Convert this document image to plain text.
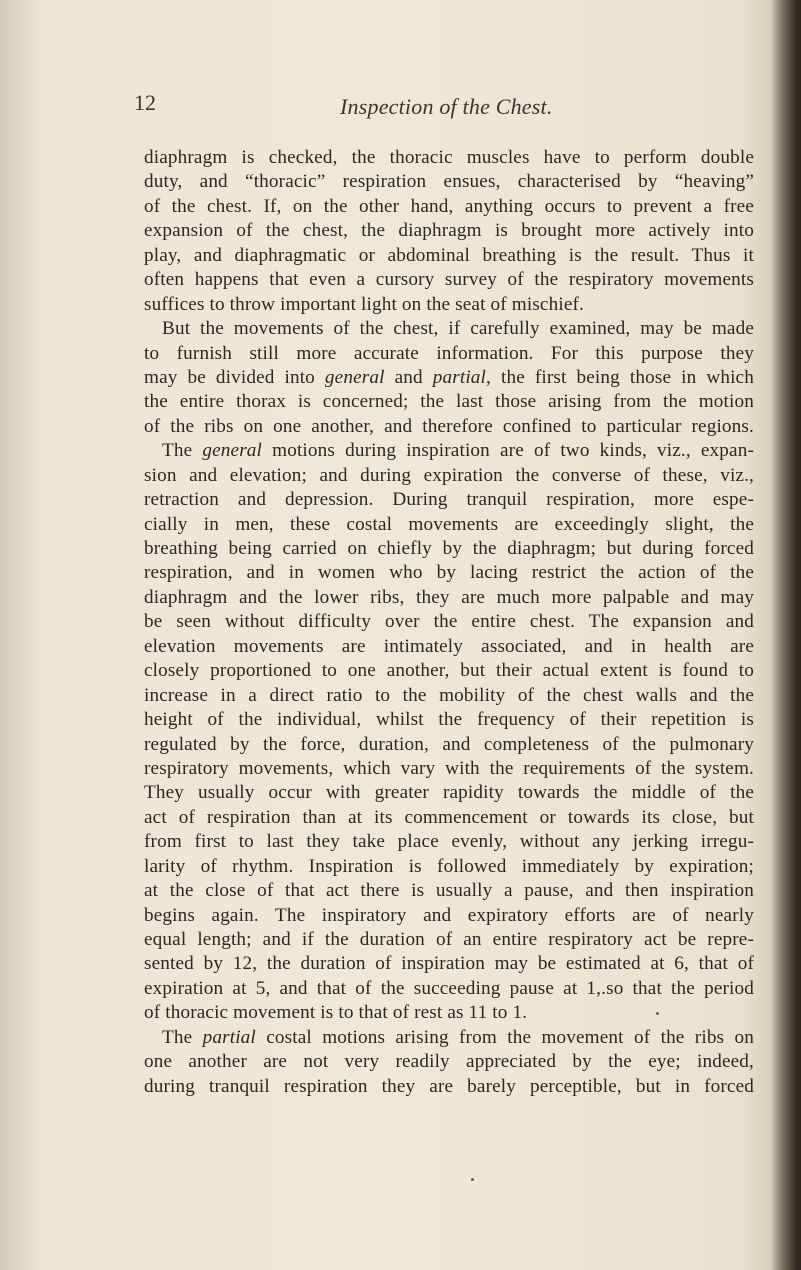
12	Inspection of the Chest.
diaphragm is checked, the thoracic muscles have to perform double
duty, and “thoracic” respiration ensues, characterised by “heaving”
of the chest. If, on the other hand, anything occurs to prevent a free
expansion of the chest, the diaphragm is brought more actively into
play, and diaphragmatic or abdominal breathing is the result. Thus it
often happens that even a cursory survey of the respiratory movements
suffices to throw important light on the seat of mischief.
But the movements of the chest, if carefully examined, may be made
to furnish still more accurate information. For this purpose they
may be divided into general and partial, the first being those in which
the entire thorax is concerned; the last those arising from the motion
of the ribs on one another, and therefore confined to particular regions.
The general motions during inspiration are of two kinds, viz., expan-
sion and elevation; and during expiration the converse of these, viz.,
retraction and depression. During tranquil respiration, more espe-
cially in men, these costal movements are exceedingly slight, the
breathing being carried on chiefly by the diaphragm; but during forced
respiration, and in women who by lacing restrict the action of the
diaphragm and the lower ribs, they are much more palpable and may
be seen without difficulty over the entire chest. The expansion and
elevation movements are intimately associated, and in health are
closely proportioned to one another, but their actual extent is found to
increase in a direct ratio to the mobility of the chest walls and the
height of the individual, whilst the frequency of their repetition is
regulated by the force, duration, and completeness of the pulmonary
respiratory movements, which vary with the requirements of the system.
They usually occur with greater rapidity towards the middle of the
act of respiration than at its commencement or towards its close, but
from first to last they take place evenly, without any jerking irregu-
larity of rhythm. Inspiration is followed immediately by expiration;
at the close of that act there is usually a pause, and then inspiration
begins again. The inspiratory and expiratory efforts are of nearly
equal length; and if the duration of an entire respiratory act be repre-
sented by 12, the duration of inspiration may be estimated at 6, that of
expiration at 5, and that of the succeeding pause at 1,.so that the period
of thoracic movement is to that of rest as 11 to 1.
The partial costal motions arising from the movement of the ribs on
one another are not very readily appreciated by the eye; indeed,
during tranquil respiration they are barely perceptible, but in forced
